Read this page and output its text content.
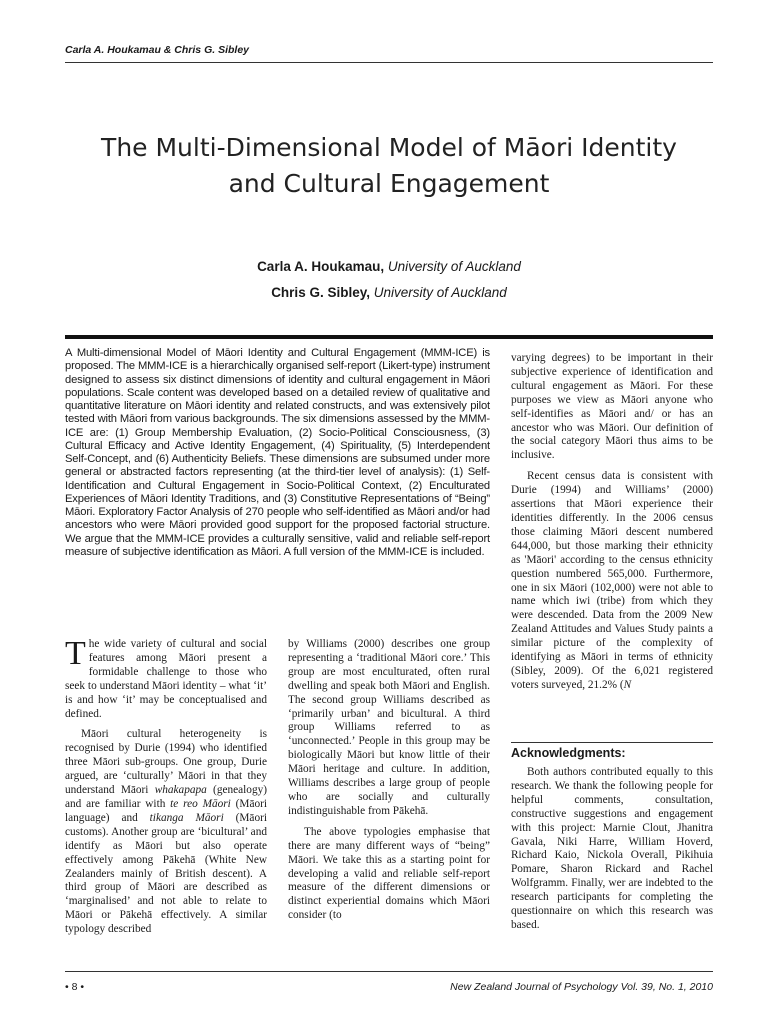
Carla A. Houkamau & Chris G. Sibley
The Multi-Dimensional Model of Māori Identity
and Cultural Engagement
Carla A. Houkamau, University of Auckland
Chris G. Sibley, University of Auckland

A Multi-dimensional Model of Māori Identity and Cultural Engagement (MMM-ICE) is proposed. The MMM-ICE is a hierarchically organised self-report (Likert-type) instrument designed to assess six distinct dimensions of identity and cultural engagement in Māori populations. Scale content was developed based on a detailed review of qualitative and quantitative literature on Māori identity and related constructs, and was extensively pilot tested with Māori from various backgrounds. The six dimensions assessed by the MMM-ICE are: (1) Group Membership Evaluation, (2) Socio-Political Consciousness, (3) Cultural Efficacy and Active Identity Engagement, (4) Spirituality, (5) Interdependent Self-Concept, and (6) Authenticity Beliefs. These dimensions are subsumed under more general or abstracted factors representing (at the third-tier level of analysis): (1) Self-Identification and Cultural Engagement in Socio-Political Context, (2) Enculturated Experiences of Māori Identity Traditions, and (3) Constitutive Representations of “Being” Māori. Exploratory Factor Analysis of 270 people who self-identified as Māori and/or had ancestors who were Māori provided good support for the proposed factorial structure. We argue that the MMM-ICE provides a culturally sensitive, valid and reliable self-report measure of subjective identification as Māori. A full version of the MMM-ICE is included.

The wide variety of cultural and social features among Māori present a formidable challenge to those who seek to understand Māori identity – what ‘it’ is and how ‘it’ may be conceptualised and defined.

Māori cultural heterogeneity is recognised by Durie (1994) who identified three Māori sub-groups. One group, Durie argued, are ‘culturally’ Māori in that they understand Māori whakapapa (genealogy) and are familiar with te reo Māori (Māori language) and tikanga Māori (Māori customs). Another group are ‘bicultural’ and identify as Māori but also operate effectively among Pākehā (White New Zealanders mainly of British descent). A third group of Māori are described as ‘marginalised’ and not able to relate to Māori or Pākehā effectively. A similar typology described

by Williams (2000) describes one group representing a ‘traditional Māori core.’ This group are most enculturated, often rural dwelling and speak both Māori and English. The second group Williams described as ‘primarily urban’ and bicultural. A third group Williams referred to as ‘unconnected.’ People in this group may be biologically Māori but know little of their Māori heritage and culture. In addition, Williams describes a large group of people who are socially and culturally indistinguishable from Pākehā.

The above typologies emphasise that there are many different ways of “being” Māori. We take this as a starting point for developing a valid and reliable self-report measure of the different dimensions or distinct experiential domains which Māori consider (to

varying degrees) to be important in their subjective experience of identification and cultural engagement as Māori. For these purposes we view as Māori anyone who self-identifies as Māori and/ or has an ancestor who was Māori. Our definition of the social category Māori thus aims to be inclusive.

Recent census data is consistent with Durie (1994) and Williams’ (2000) assertions that Māori experience their identities differently. In the 2006 census those claiming Māori descent numbered 644,000, but those marking their ethnicity as 'Māori' according to the census ethnicity question numbered 565,000. Furthermore, one in six Māori (102,000) were not able to name which iwi (tribe) from which they were descended. Data from the 2009 New Zealand Attitudes and Values Study paints a similar picture of the complexity of identifying as Māori in terms of ethnicity (Sibley, 2009). Of the 6,021 registered voters surveyed, 21.2% (N

Acknowledgments:

Both authors contributed equally to this research. We thank the following people for helpful comments, consultation, constructive suggestions and engagement with this project: Marnie Clout, Jhanitra Gavala, Niki Harre, William Hoverd, Richard Kaio, Nickola Overall, Pikihuia Pomare, Sharon Rickard and Rachel Wolfgramm. Finally, wer are indebted to the research participants for completing the questionnaire on which this research was based.

• 8 •	New Zealand Journal of Psychology Vol. 39, No. 1, 2010
